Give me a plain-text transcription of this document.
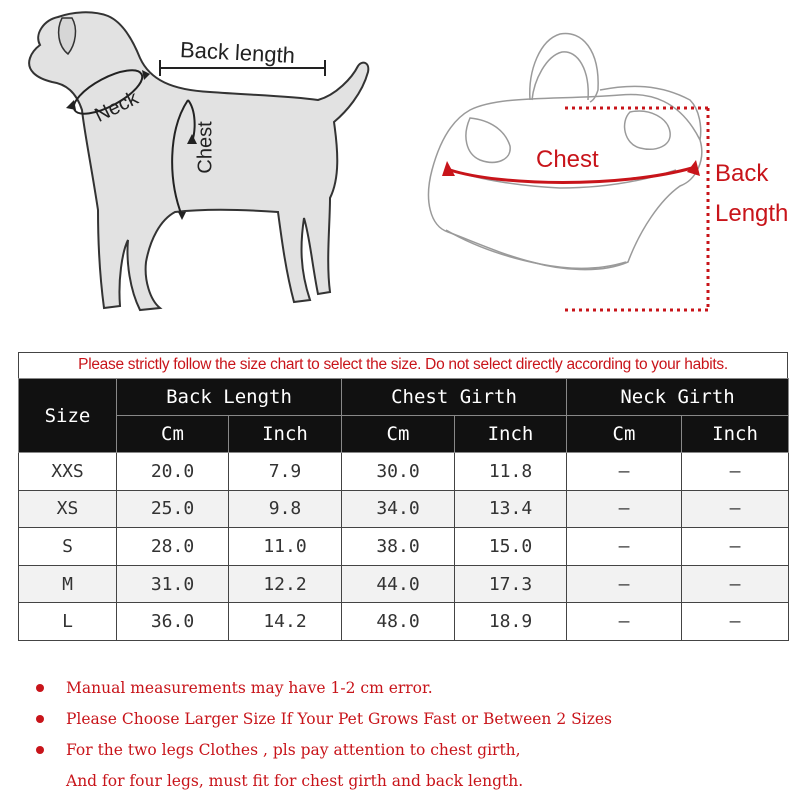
Back length
Neck
Chest	Chest
Back
Length
Please strictly follow the size chart to select the size. Do not select directly according to your habits.
Size	Back Length		Chest Girth		Neck Girth	
	Cm	Inch	Cm	Inch	Cm	Inch
XXS	20.0	7.9	30.0	11.8	–	–
XS	25.0	9.8	34.0	13.4	–	–
S	28.0	11.0	38.0	15.0	–	–
M	31.0	12.2	44.0	17.3	–	–
L	36.0	14.2	48.0	18.9	–	–
Manual measurements may have 1-2 cm error.
Please Choose Larger Size If Your Pet Grows Fast or Between 2 Sizes
For the two legs Clothes , pls pay attention to chest girth,
And for four legs, must fit for chest girth and back length.
